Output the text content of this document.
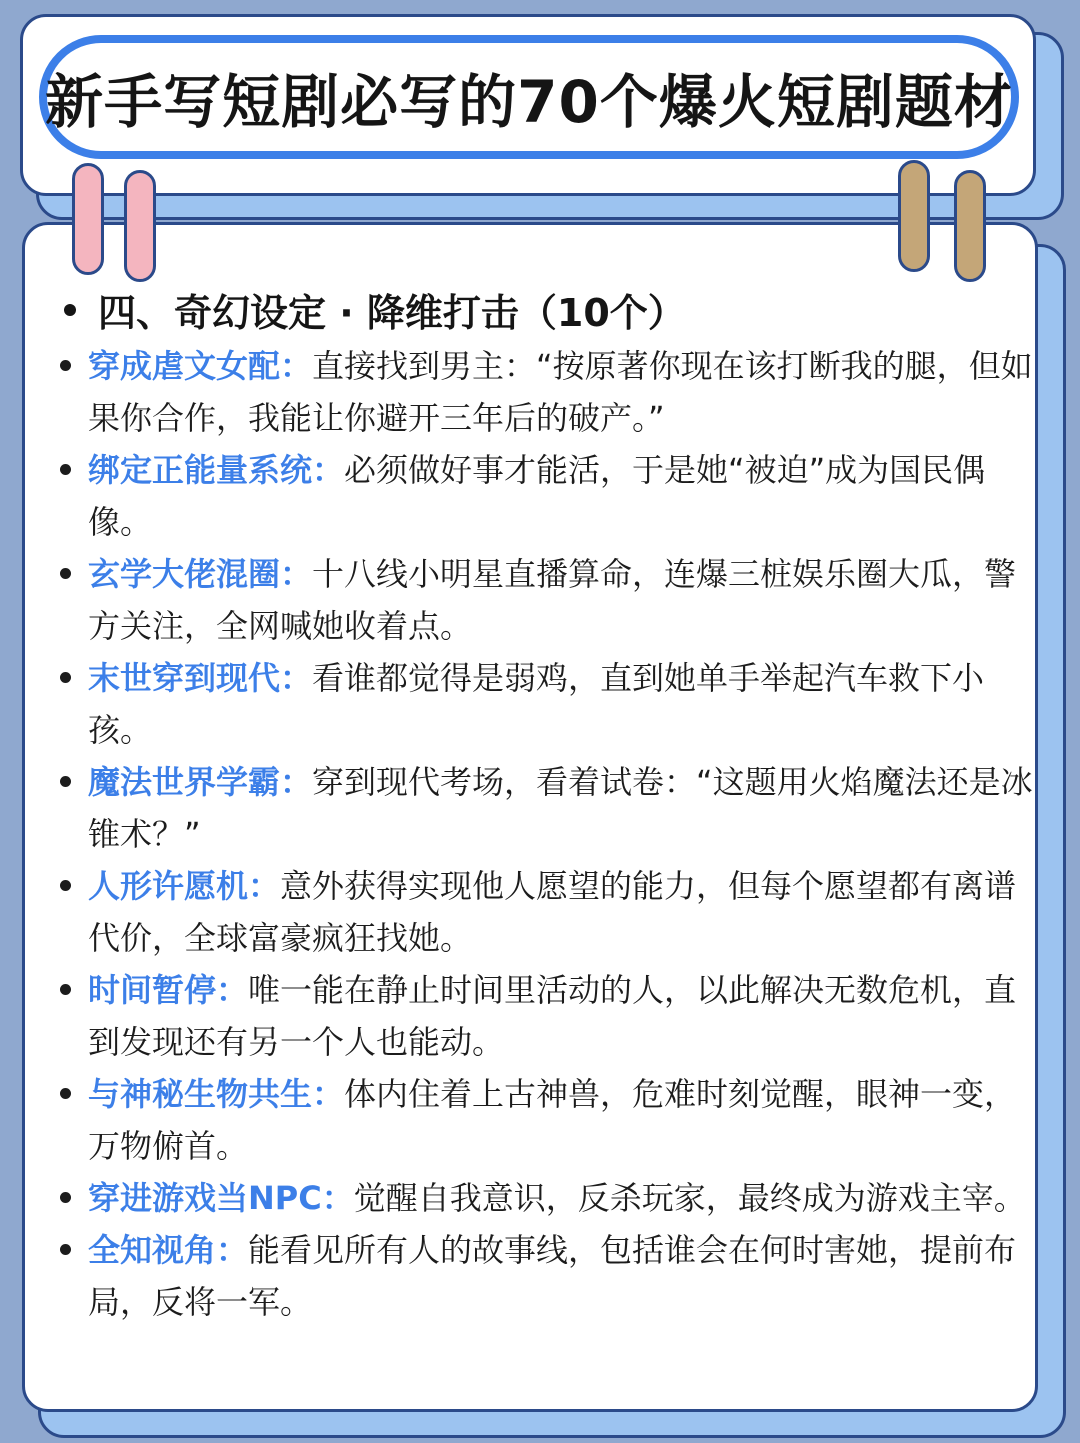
新手写短剧必写的70个爆火短剧题材
四、奇幻设定 · 降维打击（10个）
穿成虐文女配：直接找到男主：“按原著你现在该打断我的腿，但如果你合作，我能让你避开三年后的破产。”
绑定正能量系统：必须做好事才能活，于是她“被迫”成为国民偶像。
玄学大佬混圈：十八线小明星直播算命，连爆三桩娱乐圈大瓜，警方关注，全网喊她收着点。
末世穿到现代：看谁都觉得是弱鸡，直到她单手举起汽车救下小孩。
魔法世界学霸：穿到现代考场，看着试卷：“这题用火焰魔法还是冰锥术？”
人形许愿机：意外获得实现他人愿望的能力，但每个愿望都有离谱代价，全球富豪疯狂找她。
时间暂停：唯一能在静止时间里活动的人，以此解决无数危机，直到发现还有另一个人也能动。
与神秘生物共生：体内住着上古神兽，危难时刻觉醒，眼神一变，万物俯首。
穿进游戏当NPC：觉醒自我意识，反杀玩家，最终成为游戏主宰。
全知视角：能看见所有人的故事线，包括谁会在何时害她，提前布局，反将一军。
